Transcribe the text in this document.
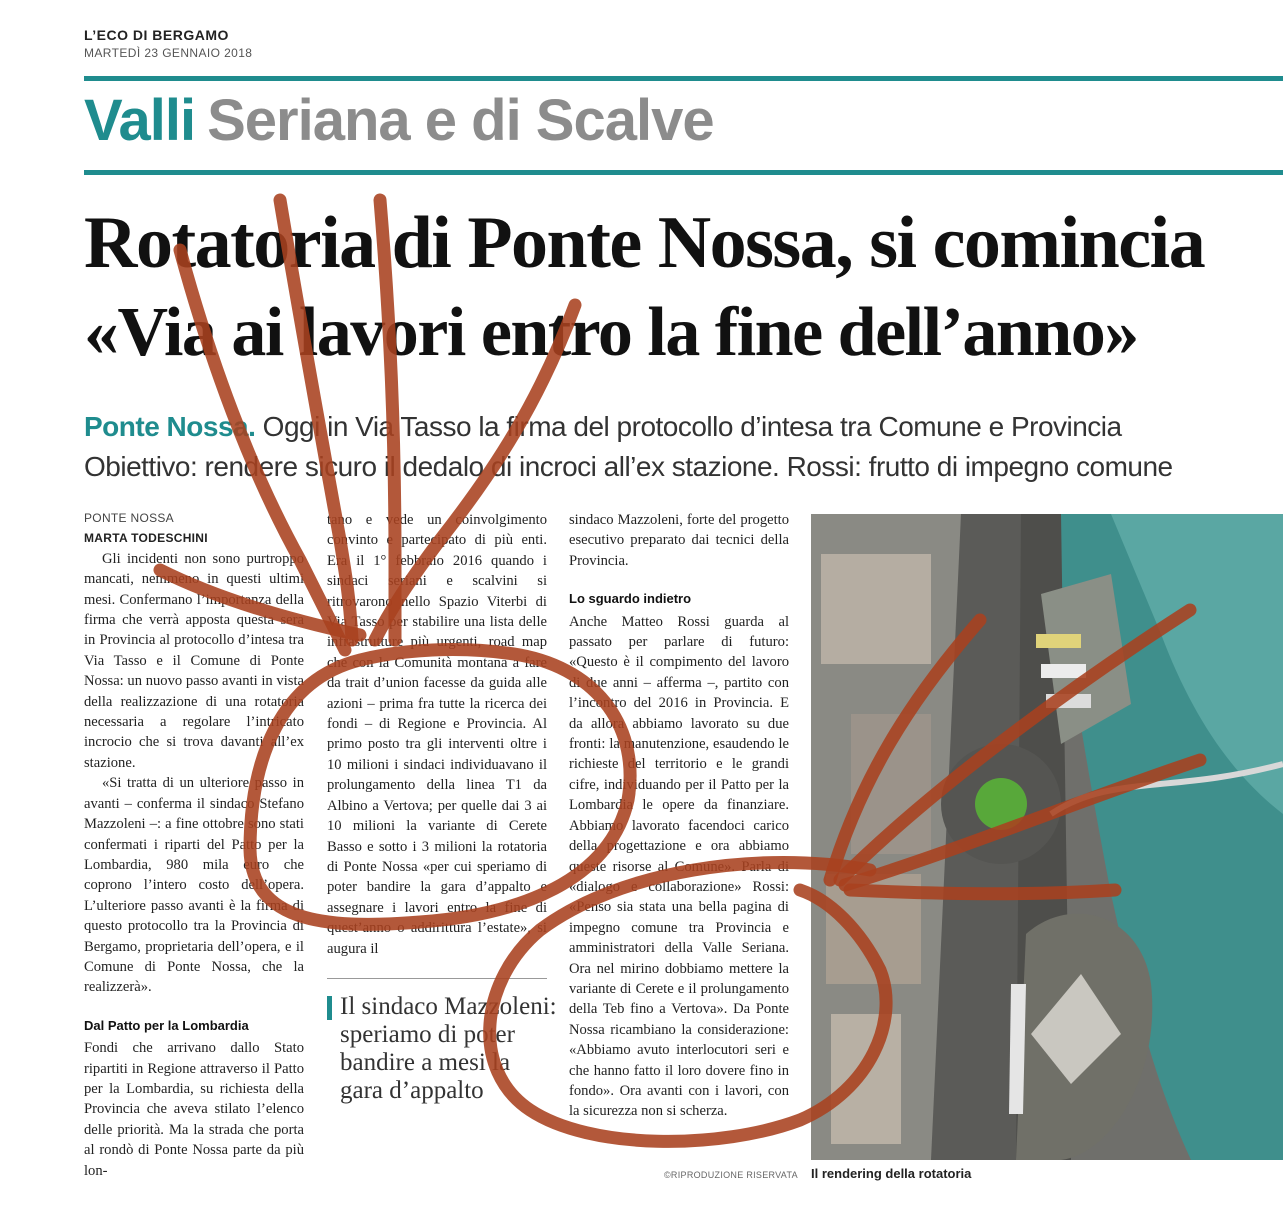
L’ECO DI BERGAMO
MARTEDÌ 23 GENNAIO 2018
Valli Seriana e di Scalve
Rotatoria di Ponte Nossa, si comincia
«Via ai lavori entro la fine dell’anno»
Ponte Nossa. Oggi in Via Tasso la firma del protocollo d’intesa tra Comune e Provincia
Obiettivo: rendere sicuro il dedalo di incroci all’ex stazione. Rossi: frutto di impegno comune
PONTE NOSSA
MARTA TODESCHINI

Gli incidenti non sono purtroppo mancati, nemmeno in questi ultimi mesi. Confermano l’importanza della firma che verrà apposta questa sera in Provincia al protocollo d’intesa tra Via Tasso e il Comune di Ponte Nossa: un nuovo passo avanti in vista della realizzazione di una rotatoria necessaria a regolare l’intricato incrocio che si trova davanti all’ex stazione.

«Si tratta di un ulteriore passo in avanti – conferma il sindaco Stefano Mazzoleni –: a fine ottobre sono stati confermati i riparti del Patto per la Lombardia, 980 mila euro che coprono l’intero costo dell’opera. L’ulteriore passo avanti è la firma di questo protocollo tra la Provincia di Bergamo, proprietaria dell’opera, e il Comune di Ponte Nossa, che la realizzerà».

Dal Patto per la Lombardia

Fondi che arrivano dallo Stato ripartiti in Regione attraverso il Patto per la Lombardia, su richiesta della Provincia che aveva stilato l’elenco delle priorità. Ma la strada che porta al rondò di Ponte Nossa parte da più lon-

tano e vede un coinvolgimento convinto e partecipato di più enti. Era il 1° febbraio 2016 quando i sindaci seriani e scalvini si ritrovarono nello Spazio Viterbi di Via Tasso per stabilire una lista delle infrastrutture più urgenti, road map che con la Comunità montana a fare da trait d’union facesse da guida alle azioni – prima fra tutte la ricerca dei fondi – di Regione e Provincia. Al primo posto tra gli interventi oltre i 10 milioni i sindaci individuavano il prolungamento della linea T1 da Albino a Vertova; per quelle dai 3 ai 10 milioni la variante di Cerete Basso e sotto i 3 milioni la rotatoria di Ponte Nossa «per cui speriamo di poter bandire la gara d’appalto e assegnare i lavori entro la fine di quest’anno o addirittura l’estate», si augura il

Il sindaco Mazzoleni: speriamo di poter bandire a mesi la gara d’appalto

sindaco Mazzoleni, forte del progetto esecutivo preparato dai tecnici della Provincia.

Lo sguardo indietro

Anche Matteo Rossi guarda al passato per parlare di futuro: «Questo è il compimento del lavoro di due anni – afferma –, partito con l’incontro del 2016 in Provincia. E da allora abbiamo lavorato su due fronti: la manutenzione, esaudendo le richieste del territorio e le grandi cifre, individuando per il Patto per la Lombardia le opere da finanziare. Abbiamo lavorato facendoci carico della progettazione e ora abbiamo queste risorse al Comune». Parla di «dialogo e collaborazione» Rossi: «Penso sia stata una bella pagina di impegno comune tra Provincia e amministratori della Valle Seriana. Ora nel mirino dobbiamo mettere la variante di Cerete e il prolungamento della Teb fino a Vertova». Da Ponte Nossa ricambiano la considerazione: «Abbiamo avuto interlocutori seri e che hanno fatto il loro dovere fino in fondo». Ora avanti con i lavori, con la sicurezza non si scherza.

©RIPRODUZIONE RISERVATA Il rendering della rotatoria
